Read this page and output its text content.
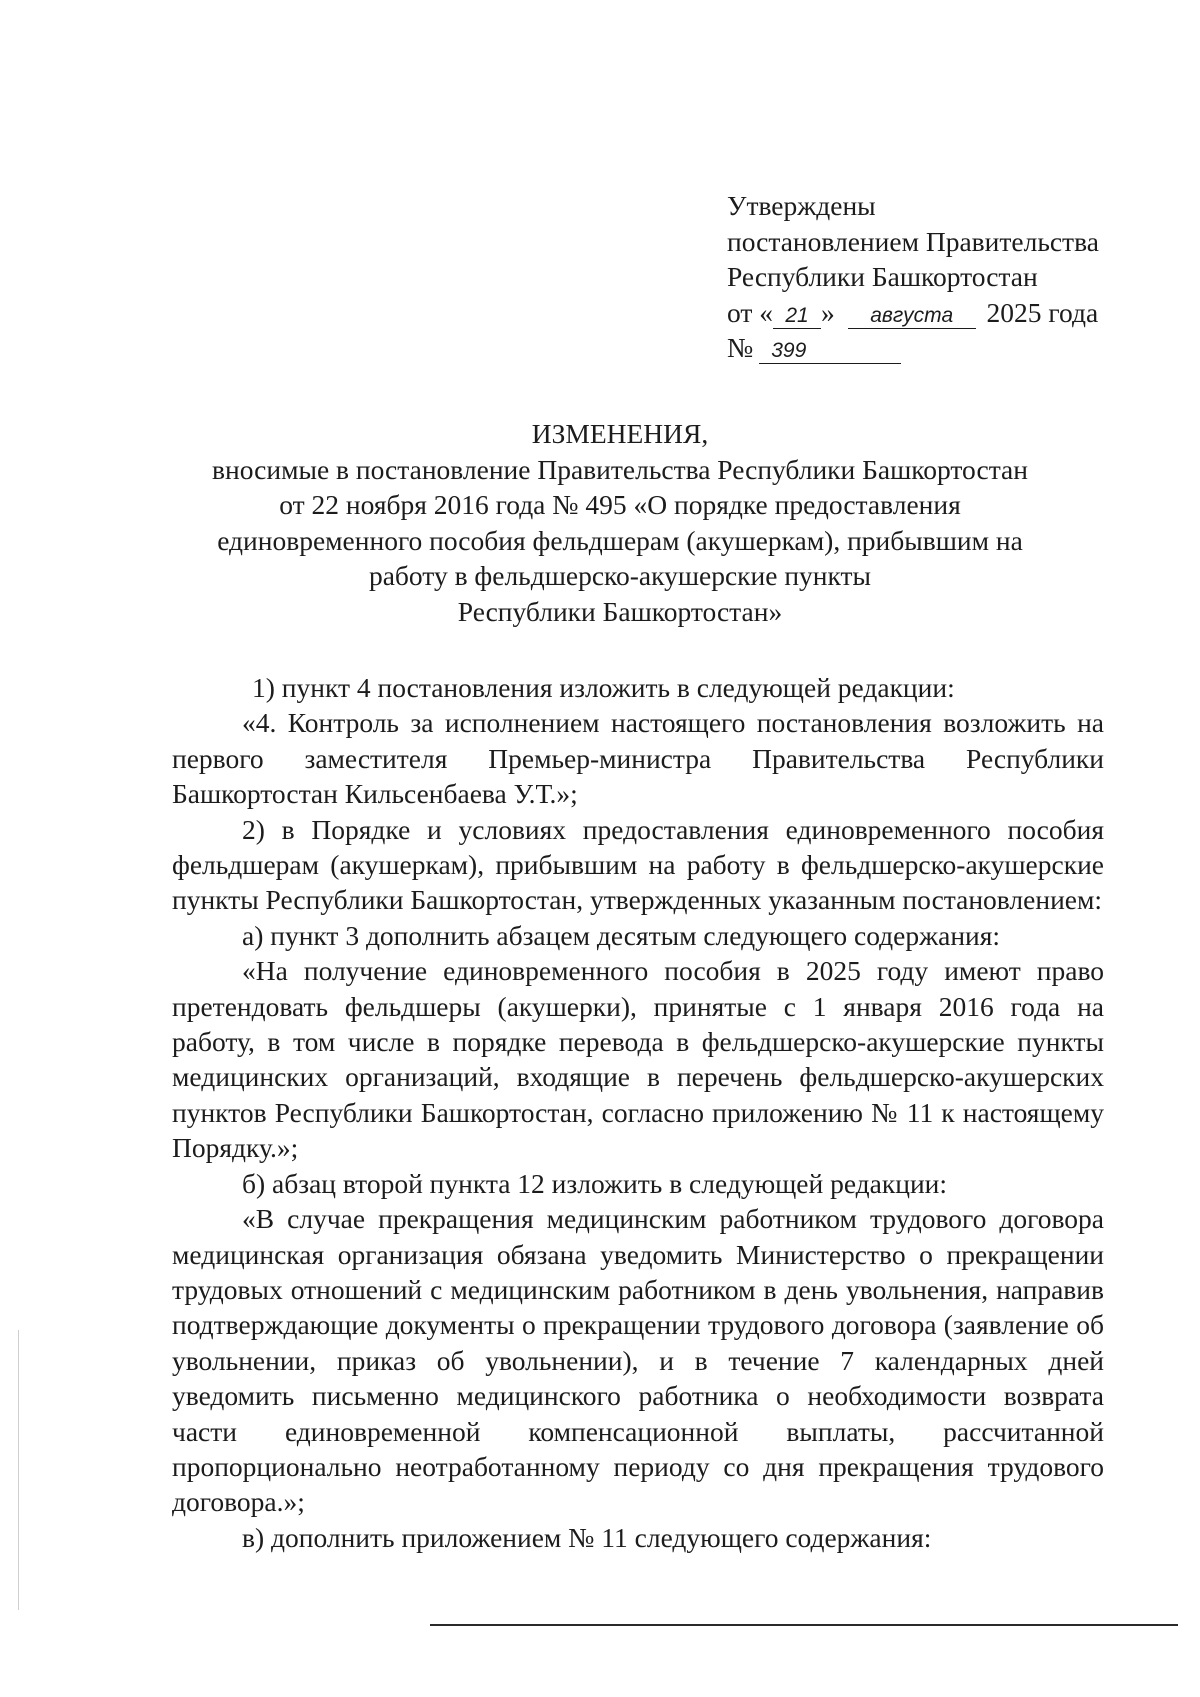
Утверждены
постановлением Правительства
Республики Башкортостан
от « 21 » августа 2025 года
№ 399
ИЗМЕНЕНИЯ,
вносимые в постановление Правительства Республики Башкортостан
от 22 ноября 2016 года № 495 «О порядке предоставления
единовременного пособия фельдшерам (акушеркам), прибывшим на
работу в фельдшерско-акушерские пункты
Республики Башкортостан»

1) пункт 4 постановления изложить в следующей редакции:

«4. Контроль за исполнением настоящего постановления возложить на первого заместителя Премьер-министра Правительства Республики Башкортостан Кильсенбаева У.Т.»;

2) в Порядке и условиях предоставления единовременного пособия фельдшерам (акушеркам), прибывшим на работу в фельдшерско-акушерские пункты Республики Башкортостан, утвержденных указанным постановлением:

а) пункт 3 дополнить абзацем десятым следующего содержания:

«На получение единовременного пособия в 2025 году имеют право претендовать фельдшеры (акушерки), принятые с 1 января 2016 года на работу, в том числе в порядке перевода в фельдшерско-акушерские пункты медицинских организаций, входящие в перечень фельдшерско-акушерских пунктов Республики Башкортостан, согласно приложению № 11 к настоящему Порядку.»;

б) абзац второй пункта 12 изложить в следующей редакции:

«В случае прекращения медицинским работником трудового договора медицинская организация обязана уведомить Министерство о прекращении трудовых отношений с медицинским работником в день увольнения, направив подтверждающие документы о прекращении трудового договора (заявление об увольнении, приказ об увольнении), и в течение 7 календарных дней уведомить письменно медицинского работника о необходимости возврата части единовременной компенсационной выплаты, рассчитанной пропорционально неотработанному периоду со дня прекращения трудового договора.»;

в) дополнить приложением № 11 следующего содержания:
